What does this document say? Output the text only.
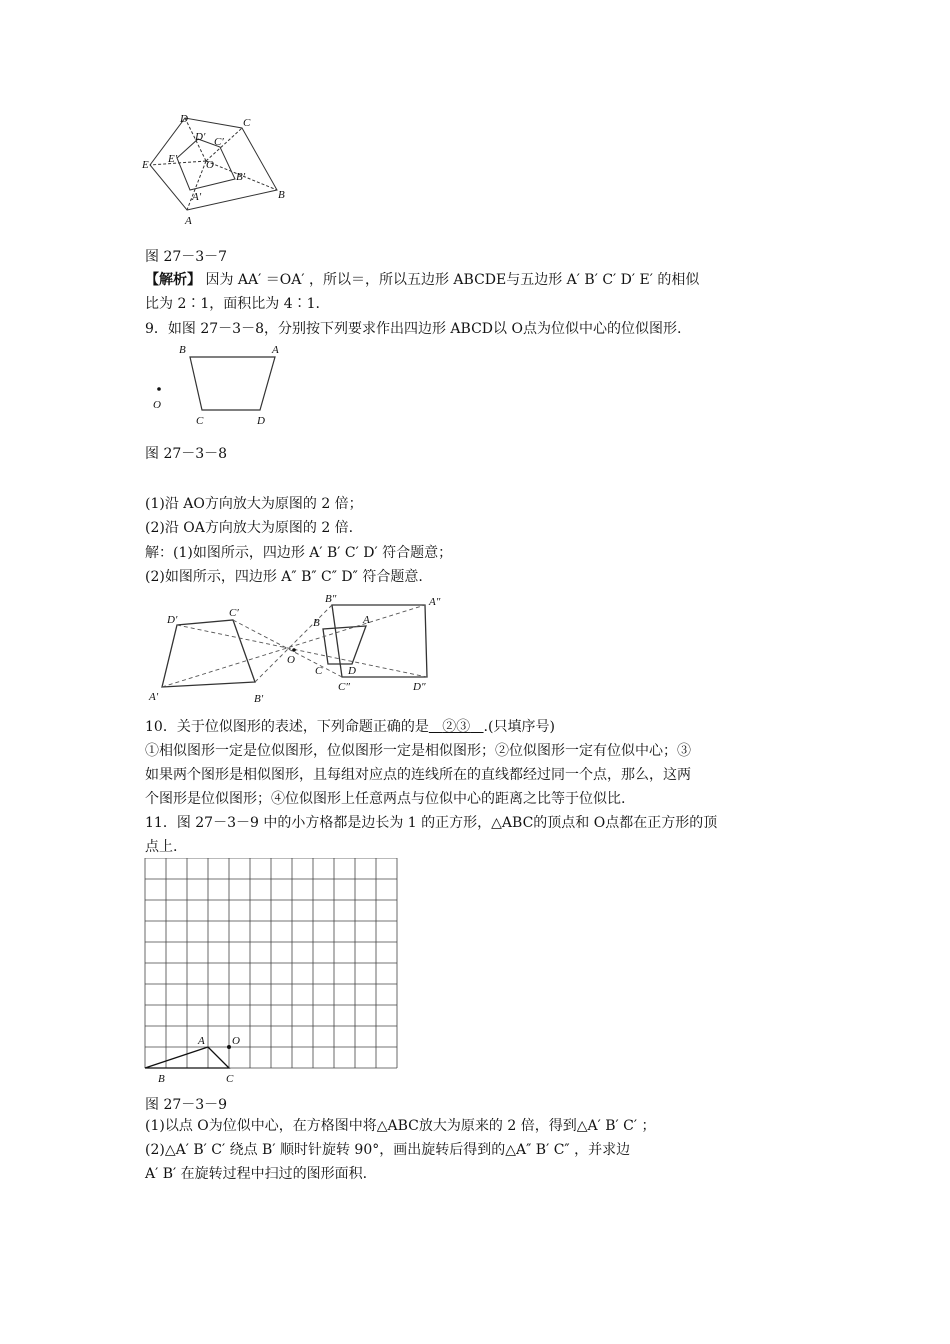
A
B
C
D
E
A′
B′
C′
D′
E′	O
图 27－3－7
【解析】 因为 AA′ ＝OA′ ，所以＝，所以五边形 ABCDE与五边形 A′ B′ C′ D′ E′ 的相似
比为 2∶1，面积比为 4∶1.
9．如图 27－3－8，分别按下列要求作出四边形 ABCD以 O点为位似中心的位似图形.
B	A
C	D
O
图 27－3－8
(1)沿 AO方向放大为原图的 2 倍；
(2)沿 OA方向放大为原图的 2 倍.
解：(1)如图所示，四边形 A′ B′ C′ D′ 符合题意；
(2)如图所示，四边形 A″ B″ C″ D″ 符合题意.
A′	B′
C′
D′
O
A
B
C D
A″
B″
C″	D″
10．关于位似图形的表述，下列命题正确的是 ②③ .(只填序号)
①相似图形一定是位似图形，位似图形一定是相似图形；②位似图形一定有位似中心；③
如果两个图形是相似图形，且每组对应点的连线所在的直线都经过同一个点，那么，这两
个图形是位似图形；④位似图形上任意两点与位似中心的距离之比等于位似比.
11．图 27－3－9 中的小方格都是边长为 1 的正方形，△ABC的顶点和 O点都在正方形的顶
点上.
A
B	C
O
图 27－3－9
(1)以点 O为位似中心，在方格图中将△ABC放大为原来的 2 倍，得到△A′ B′ C′ ；
(2)△A′ B′ C′ 绕点 B′ 顺时针旋转 90°，画出旋转后得到的△A″ B′ C″ ，并求边
A′ B′ 在旋转过程中扫过的图形面积.
